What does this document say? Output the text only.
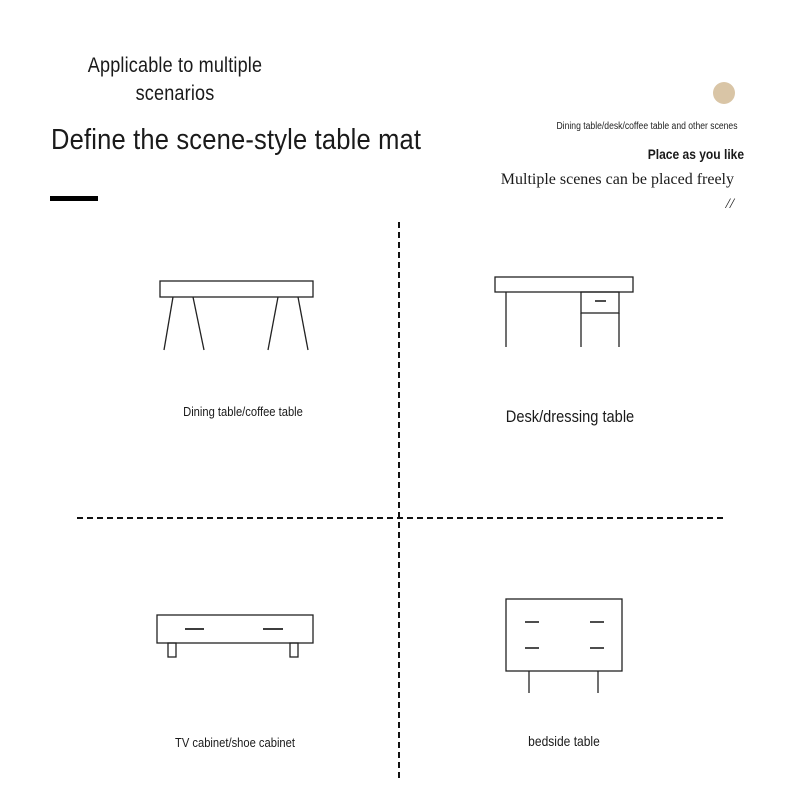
Applicable to multiple
scenarios
Define the scene-style table mat	Dining table/desk/coffee table and other scenes
Place as you like
Multiple scenes can be placed freely
//
Dining table/coffee table	Desk/dressing table
TV cabinet/shoe cabinet	bedside table
